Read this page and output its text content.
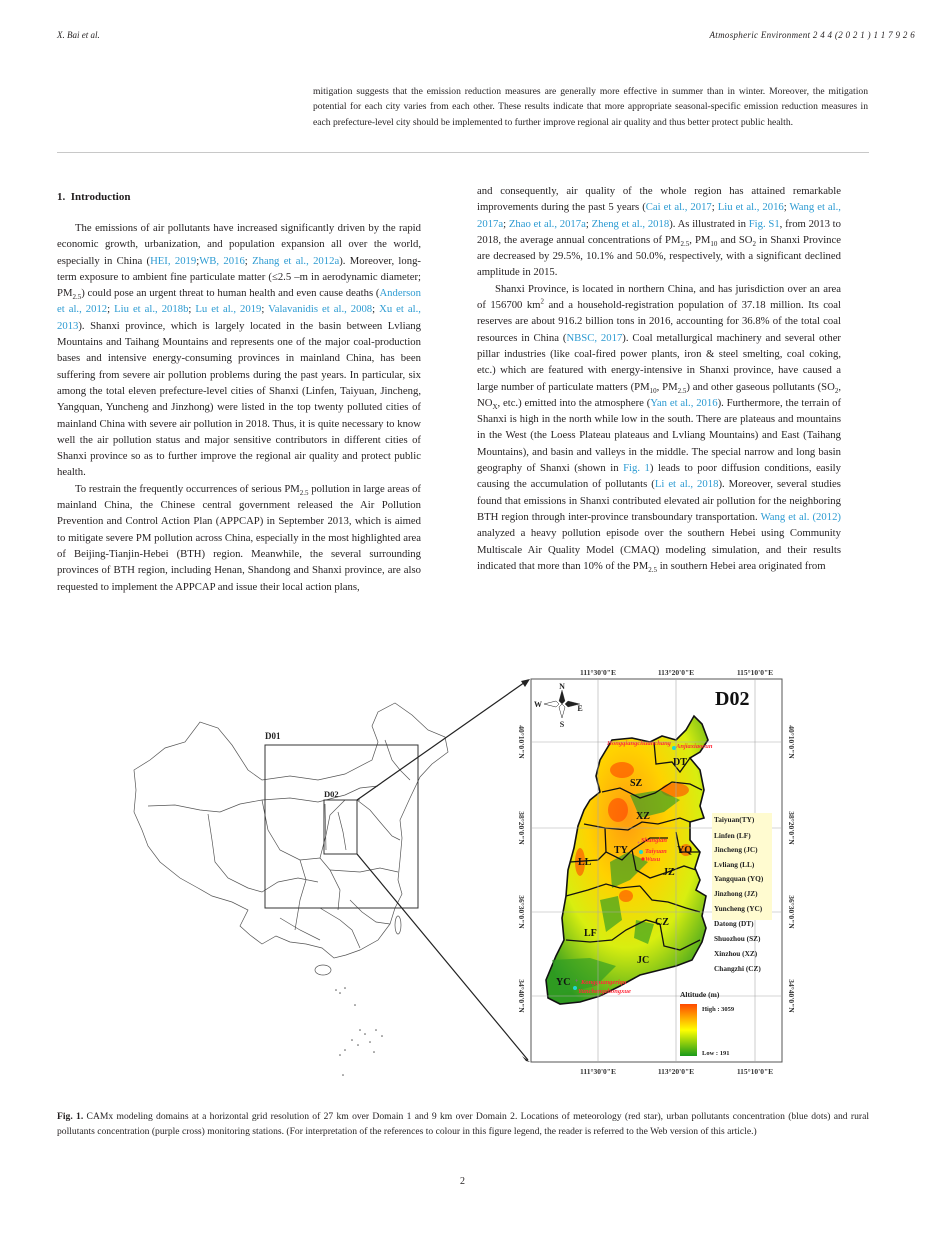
X. Bai et al.	Atmospheric Environment 2 4 4 (2 0 2 1 ) 1 1 7 9 2 6

mitigation suggests that the emission reduction measures are generally more effective in summer than in winter. Moreover, the mitigation potential for each city varies from each other. These results indicate that more appropriate seasonal-specific emission reduction measures in each prefecture-level city should be implemented to further improve regional air quality and thus better protect public health.

1. Introduction

The emissions of air pollutants have increased significantly driven by the rapid economic growth, urbanization, and population expansion all over the world, especially in China (HEI, 2019;WB, 2016; Zhang et al., 2012a). Moreover, long-term exposure to ambient fine particulate matter (≤2.5 –m in aerodynamic diameter; $PM_{2.5}$) could pose an urgent threat to human health and even cause deaths (Anderson et al., 2012; Liu et al., 2018b; Lu et al., 2019; Valavanidis et al., 2008; Xu et al., 2013). Shanxi province, which is largely located in the basin between Lvliang Mountains and Taihang Mountains and represents one of the major coal-production bases and intensive energy-consuming provinces in mainland China, has been suffering from severe air pollution problems during the past years. In particular, six among the total eleven prefecture-level cities of Shanxi (Linfen, Taiyuan, Jincheng, Yangquan, Yuncheng and Jinzhong) were listed in the top twenty polluted cities of mainland China with severe air pollution in 2018. Thus, it is quite necessary to know well the air pollution status and major sensitive contributors in different cities of Shanxi province so as to further improve the regional air quality and protect public health.

To restrain the frequently occurrences of serious $PM_{2.5}$ pollution in large areas of mainland China, the Chinese central government released the Air Pollution Prevention and Control Action Plan (APPCAP) in September 2013, which is aimed to mitigate severe PM pollution across China, especially in the most highlighted area of Beijing-Tianjin-Hebei (BTH) region. Meanwhile, the several surrounding provinces of BTH region, including Henan, Shandong and Shanxi province, are also requested to implement the APPCAP and issue their local action plans,

and consequently, air quality of the whole region has attained remarkable improvements during the past 5 years (Cai et al., 2017; Liu et al., 2016; Wang et al., 2017a; Zhao et al., 2017a; Zheng et al., 2018). As illustrated in Fig. S1, from 2013 to 2018, the average annual concentrations of $PM_{2.5}$, $PM_{10}$ and $SO_2$ in Shanxi Province are decreased by 29.5%, 10.1% and 50.0%, respectively, with a significant declined amplitude in 2015.

Shanxi Province, is located in northern China, and has jurisdiction over an area of 156700 $km^2$ and a household-registration population of 37.18 million. Its coal reserves are about 916.2 billion tons in 2016, accounting for 36.8% of the total coal resources in China (NBSC, 2017). Coal metallurgical machinery and several other pillar industries (like coal-fired power plants, iron & steel smelting, coal coking, etc.) which are featured with energy-intensive in Shanxi province, have caused a large number of particulate matters ($PM_{10}$, $PM_{2.5}$) and other gaseous pollutants ($SO_2$, $NO_X$, etc.) emitted into the atmosphere (Yan et al., 2016). Furthermore, the terrain of Shanxi is high in the north while low in the south. There are plateaus and mountains in the West (the Loess Plateau plateaus and Lvliang Mountains) and East (Taihang Mountains), and basin and valleys in the middle. The special narrow and long basin geography of Shanxi (shown in Fig. 1) leads to poor diffusion conditions, easily causing the accumulation of pollutants (Li et al., 2018). Moreover, several studies found that emissions in Shanxi contributed elevated air pollution for the neighboring BTH region through inter-province transboundary transportation. Wang et al. (2012) analyzed a heavy pollution episode over the southern Hebei using Community Multiscale Air Quality Model (CMAQ) modeling simulation, and their results indicated that more than 10% of the $PM_{2.5}$ in southern Hebei area originated from

D01
D02
DT
SZ
XZ
TY	YQ
LL
JZ
LF
CZ
JC
YC
Hongqiangchuanchang Anjiaxiaocun
Shanglan
Taiyuan
Wusu
Kongguangeriqu
Yunchengzhongxue
+
+
111°30'0"E	113°20'0"E	115°10'0"E
111°30'0"E	113°20'0"E	115°10'0"E
40°10'0"N
38°20'0"N
36°30'0"N
34°40'0"N
40°10'0"N
38°20'0"N
36°30'0"N
34°40'0"N
D02
N
S
E
W
Taiyuan(TY)
Linfen (LF)
Jincheng (JC)
Lvliang (LL)
Yangquan (YQ)
Jinzhong (JZ)
Yuncheng (YC)
Datong (DT)
Shuozhou (SZ)
Xinzhou (XZ)
Changzhi (CZ)
Altitude (m)
High : 3059
Low : 191

Fig. 1. CAMx modeling domains at a horizontal grid resolution of 27 km over Domain 1 and 9 km over Domain 2. Locations of meteorology (red star), urban pollutants concentration (blue dots) and rural pollutants concentration (purple cross) monitoring stations. (For interpretation of the references to colour in this figure legend, the reader is referred to the Web version of this article.)

2
